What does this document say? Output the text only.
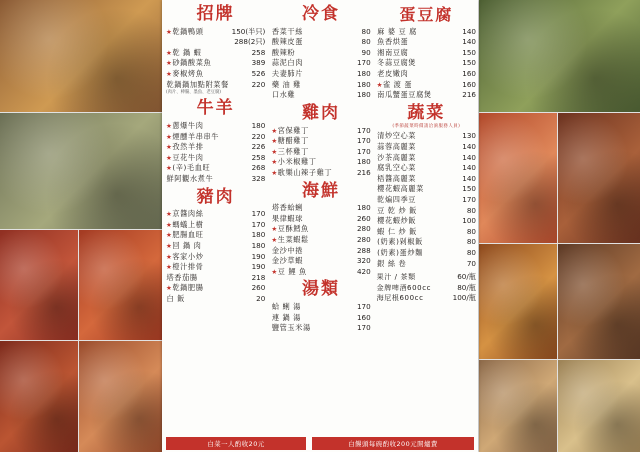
招牌
★ 乾鍋鴨頭	150(半只)
288(2只)
★ 乾 鍋 蝦	258
★ 砂鍋酸菜魚	389
★ 麥椒烤魚	526
乾鍋鍋加點附菜餐	220
(肉片、棒腸、墨魚、老豆腐)
牛羊
★ 蔥爆牛肉	180
★ 煙醺羊串串牛	220
★ 孜然羊排	226
★ 豆花牛肉	258
★ (辛)毛血旺	268
鮮阿觀水煮牛	328
豬肉
★ 京醬肉絲	170
★ 螞蟻上樹	170
★ 肥腸血旺	180
★ 回 鍋 肉	180
★ 客家小炒	190
★ 橙汁排骨	190
塔香茄腸	218
★ 乾鍋肥腸	260
白 飯	20
冷食
香菜干絲	80
酸辣皮蛋	80
酸辣粉	90
蒜泥白肉	170
夫妻肺片	180
藥 油 雞	180
口水雞	180
雞肉
★ 宮保雞丁	170
★ 糖醋雞丁	170
★ 三杯雞丁	170
★ 小米椒雞丁	180
★ 歌樂山辣子雞丁	216
海鮮
塔香蛤蜊	180
果律蝦球	260
★ 豆酥鱈魚	280
★ 生菜蝦鬆	280
金沙中捲	288
金沙草蝦	320
★ 豆 鯉 魚	420
湯類
蛤 蜊 湯	170
連 鍋 湯	160
鹽管玉米湯	170
蛋豆腐
麻 婆 豆 腐	140
魚香烘蛋	140
湘南豆腐	150
冬蒜豆腐煲	150
老皮嫩肉	160
★ 雀 渡 蛋	160
南瓜蟹蛋豆腐煲	216
蔬菜
(季節蔬菜時價請洽詢服務人員)
清炒空心菜	130
蒜蓉高麗菜	140
沙茶高麗菜	140
腐乳空心菜	140
梧醬高麗菜	140
櫻花蝦高麗菜	150
乾煸四季豆	170
豆 乾 炒 飯	80
櫻花蝦炒飯	100
蝦 仁 炒 飯	80
(奶素)剁椒飯	80
(奶素)蛋炒麵	80
銀 絲 卷	70
果汁 / 茶類	60/瓶
金牌啤酒600cc	80/瓶
海尼根600cc	100/瓶
白菜一人酌收20元	白饅頭每碗酌收200元開爐費
